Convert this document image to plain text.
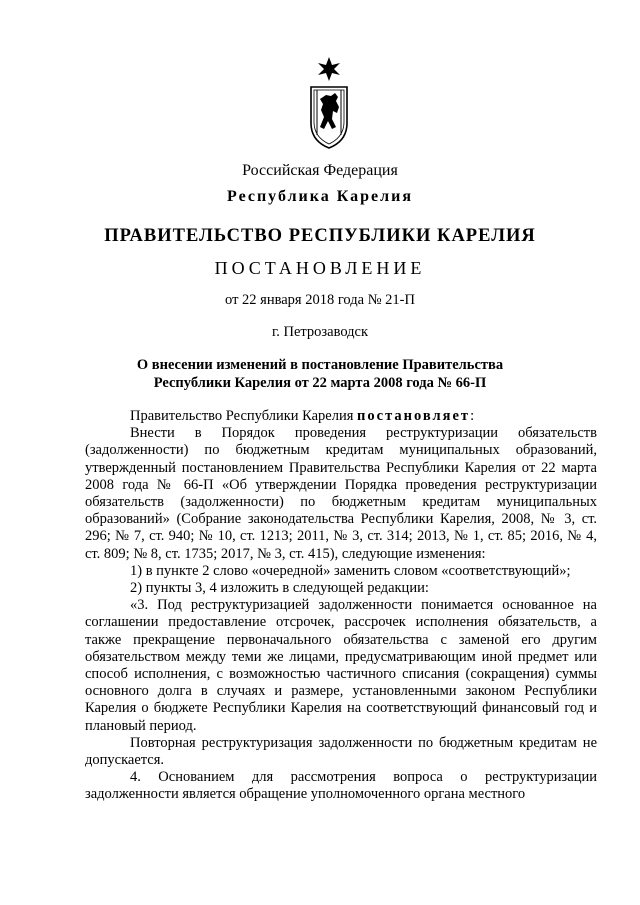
Российская Федерация
Республика Карелия
ПРАВИТЕЛЬСТВО РЕСПУБЛИКИ КАРЕЛИЯ
ПОСТАНОВЛЕНИЕ
от 22 января 2018 года № 21-П
г. Петрозаводск
О внесении изменений в постановление Правительства
Республики Карелия от 22 марта 2008 года № 66-П

Правительство Республики Карелия постановляет:

Внести в Порядок проведения реструктуризации обязательств (задолженности) по бюджетным кредитам муниципальных образований, утвержденный постановлением Правительства Республики Карелия от 22 марта 2008 года № 66-П «Об утверждении Порядка проведения реструктуризации обязательств (задолженности) по бюджетным кредитам муниципальных образований» (Собрание законодательства Республики Карелия, 2008, № 3, ст. 296; № 7, ст. 940; № 10, ст. 1213; 2011, № 3, ст. 314; 2013, № 1, ст. 85; 2016, № 4, ст. 809; № 8, ст. 1735; 2017, № 3, ст. 415), следующие изменения:

1) в пункте 2 слово «очередной» заменить словом «соответствующий»;

2) пункты 3, 4 изложить в следующей редакции:

«3. Под реструктуризацией задолженности понимается основанное на соглашении предоставление отсрочек, рассрочек исполнения обязательств, а также прекращение первоначального обязательства с заменой его другим обязательством между теми же лицами, предусматривающим иной предмет или способ исполнения, с возможностью частичного списания (сокращения) суммы основного долга в случаях и размере, установленными законом Республики Карелия о бюджете Республики Карелия на соответствующий финансовый год и плановый период.

Повторная реструктуризация задолженности по бюджетным кредитам не допускается.

4. Основанием для рассмотрения вопроса о реструктуризации задолженности является обращение уполномоченного органа местного
